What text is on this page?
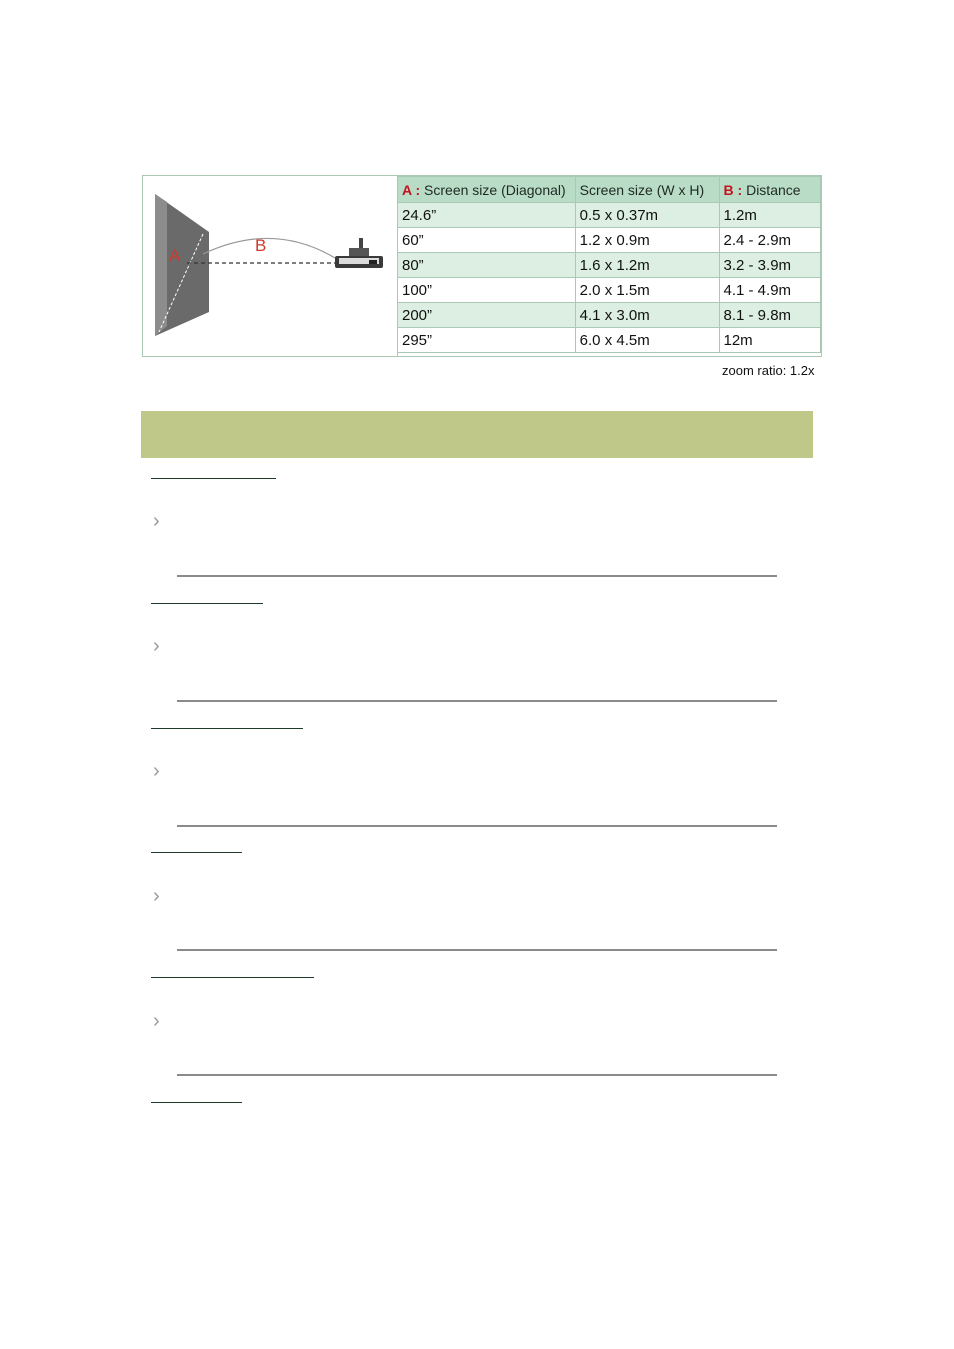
A
B
A : Screen size (Diagonal)	Screen size (W x H)	B : Distance
24.6”	0.5 x 0.37m	1.2m
60”	1.2 x 0.9m	2.4 - 2.9m
80”	1.6 x 1.2m	3.2 - 3.9m
100”	2.0 x 1.5m	4.1 - 4.9m
200”	4.1 x 3.0m	8.1 - 9.8m
295”	6.0 x 4.5m	12m
zoom ratio: 1.2x
›
›
›
›
›
